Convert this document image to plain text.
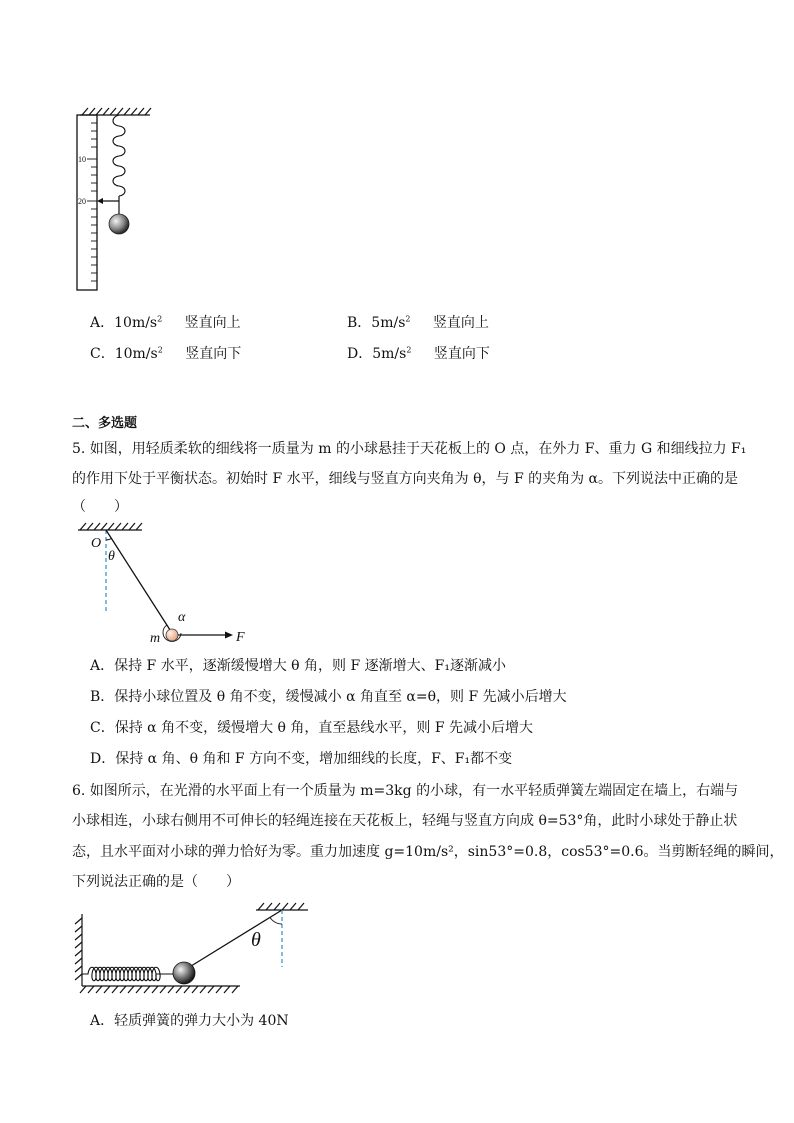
10
20
A．$10m/s^2$ 竖直向上	B．$5m/s^2$ 竖直向上
C．$10m/s^2$ 竖直向下	D．$5m/s^2$ 竖直向下
二、多选题
5. 如图，用轻质柔软的细线将一质量为 m 的小球悬挂于天花板上的 O 点，在外力 F、重力 G 和细线拉力 F₁
的作用下处于平衡状态。初始时 F 水平，细线与竖直方向夹角为 θ，与 F 的夹角为 α。下列说法中正确的是
（　　）
O
θ
α
m	F
A．保持 F 水平，逐渐缓慢增大 θ 角，则 F 逐渐增大、F₁逐渐减小
B．保持小球位置及 θ 角不变，缓慢减小 α 角直至 α=θ，则 F 先减小后增大
C．保持 α 角不变，缓慢增大 θ 角，直至悬线水平，则 F 先减小后增大
D．保持 α 角、θ 角和 F 方向不变，增加细线的长度，F、F₁都不变
6. 如图所示，在光滑的水平面上有一个质量为 m=3kg 的小球，有一水平轻质弹簧左端固定在墙上，右端与
小球相连，小球右侧用不可伸长的轻绳连接在天花板上，轻绳与竖直方向成 θ=53°角，此时小球处于静止状
态，且水平面对小球的弹力恰好为零。重力加速度 g=10m/s²，sin53°=0.8，cos53°=0.6。当剪断轻绳的瞬间，
下列说法正确的是（　　）
θ
A．轻质弹簧的弹力大小为 40N
